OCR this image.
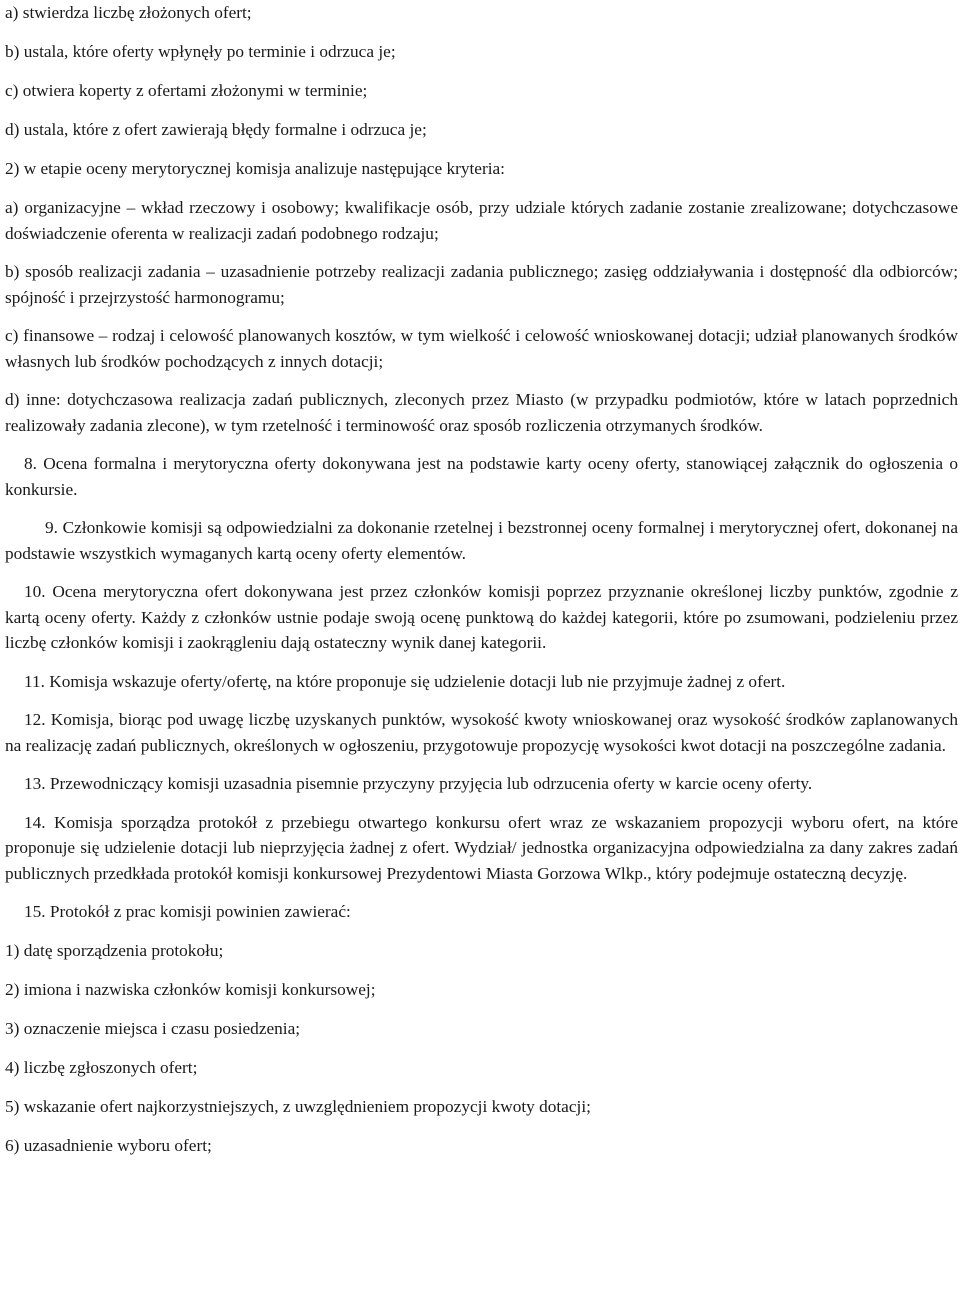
a) stwierdza liczbę złożonych ofert;

b) ustala, które oferty wpłynęły po terminie i odrzuca je;

c) otwiera koperty z ofertami złożonymi w terminie;

d) ustala, które z ofert zawierają błędy formalne i odrzuca je;

2) w etapie oceny merytorycznej komisja analizuje następujące kryteria:

a) organizacyjne – wkład rzeczowy i osobowy; kwalifikacje osób, przy udziale których zadanie zostanie zrealizowane; dotychczasowe doświadczenie oferenta w realizacji zadań podobnego rodzaju;

b) sposób realizacji zadania – uzasadnienie potrzeby realizacji zadania publicznego; zasięg oddziaływania i dostępność dla odbiorców; spójność i przejrzystość harmonogramu;

c) finansowe – rodzaj i celowość planowanych kosztów, w tym wielkość i celowość wnioskowanej dotacji; udział planowanych środków własnych lub środków pochodzących z innych dotacji;

d) inne: dotychczasowa realizacja zadań publicznych, zleconych przez Miasto (w przypadku podmiotów, które w latach poprzednich realizowały zadania zlecone), w tym rzetelność i terminowość oraz sposób rozliczenia otrzymanych środków.

8. Ocena formalna i merytoryczna oferty dokonywana jest na podstawie karty oceny oferty, stanowiącej załącznik do ogłoszenia o konkursie.

9. Członkowie komisji są odpowiedzialni za dokonanie rzetelnej i bezstronnej oceny formalnej i merytorycznej ofert, dokonanej na podstawie wszystkich wymaganych kartą oceny oferty elementów.

10. Ocena merytoryczna ofert dokonywana jest przez członków komisji poprzez przyznanie określonej liczby punktów, zgodnie z kartą oceny oferty. Każdy z członków ustnie podaje swoją ocenę punktową do każdej kategorii, które po zsumowani, podzieleniu przez liczbę członków komisji i zaokrągleniu dają ostateczny wynik danej kategorii.

11. Komisja wskazuje oferty/ofertę, na które proponuje się udzielenie dotacji lub nie przyjmuje żadnej z ofert.

12. Komisja, biorąc pod uwagę liczbę uzyskanych punktów, wysokość kwoty wnioskowanej oraz wysokość środków zaplanowanych na realizację zadań publicznych, określonych w ogłoszeniu, przygotowuje propozycję wysokości kwot dotacji na poszczególne zadania.

13. Przewodniczący komisji uzasadnia pisemnie przyczyny przyjęcia lub odrzucenia oferty w karcie oceny oferty.

14. Komisja sporządza protokół z przebiegu otwartego konkursu ofert wraz ze wskazaniem propozycji wyboru ofert, na które proponuje się udzielenie dotacji lub nieprzyjęcia żadnej z ofert. Wydział/ jednostka organizacyjna odpowiedzialna za dany zakres zadań publicznych przedkłada protokół komisji konkursowej Prezydentowi Miasta Gorzowa Wlkp., który podejmuje ostateczną decyzję.

15. Protokół z prac komisji powinien zawierać:

1) datę sporządzenia protokołu;

2) imiona i nazwiska członków komisji konkursowej;

3) oznaczenie miejsca i czasu posiedzenia;

4) liczbę zgłoszonych ofert;

5) wskazanie ofert najkorzystniejszych, z uwzględnieniem propozycji kwoty dotacji;

6) uzasadnienie wyboru ofert;
